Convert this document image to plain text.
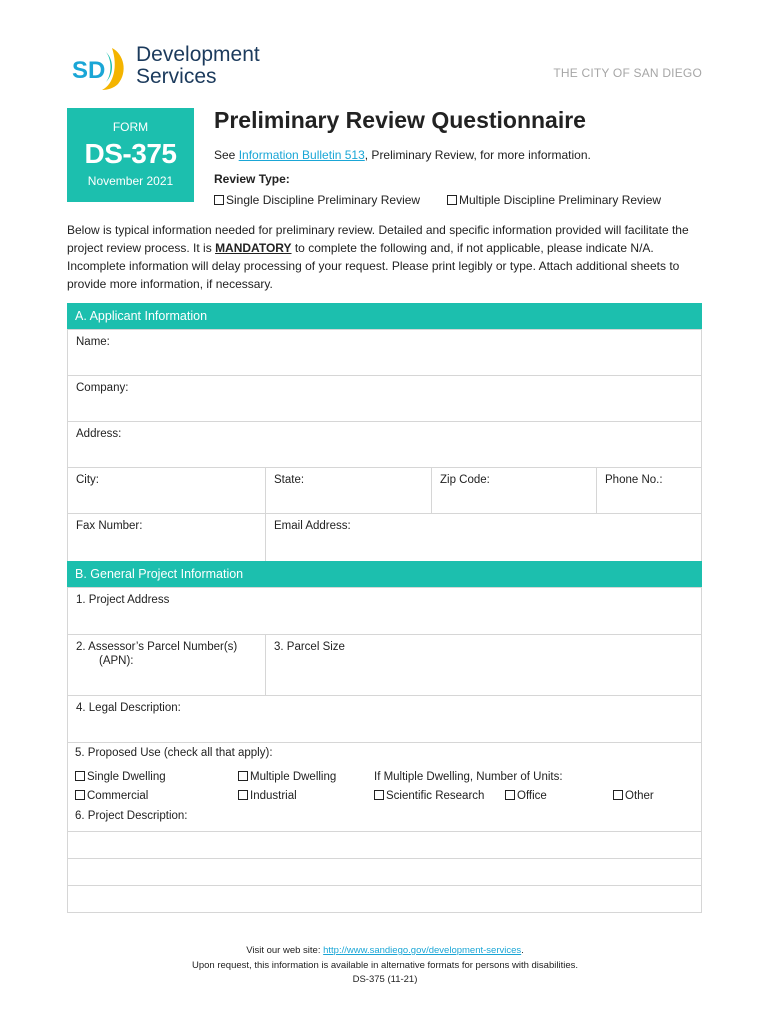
SD
Development
Services	THE CITY OF SAN DIEGO
FORM
DS-375
November 2021
Preliminary Review Questionnaire
See Information Bulletin 513, Preliminary Review, for more information.
Review Type:
Single Discipline Preliminary Review	Multiple Discipline Preliminary Review
Below is typical information needed for preliminary review. Detailed and specific information provided will facilitate the project review process. It is MANDATORY to complete the following and, if not applicable, please indicate N/A. Incomplete information will delay processing of your request. Please print legibly or type. Attach additional sheets to provide more information, if necessary.
A. Applicant Information
Name:
Company:
Address:
City:	State:	Zip Code:	Phone No.:
Fax Number:	Email Address:
B. General Project Information
1. Project Address
2. Assessor’s Parcel Number(s)
(APN):
3. Parcel Size
4. Legal Description:
5. Proposed Use (check all that apply):
Single Dwelling	Multiple Dwelling	If Multiple Dwelling, Number of Units:
Commercial	Industrial	Scientific Research	Office	Other
6. Project Description:
Visit our web site: http://www.sandiego.gov/development-services.
Upon request, this information is available in alternative formats for persons with disabilities.
DS-375 (11-21)
